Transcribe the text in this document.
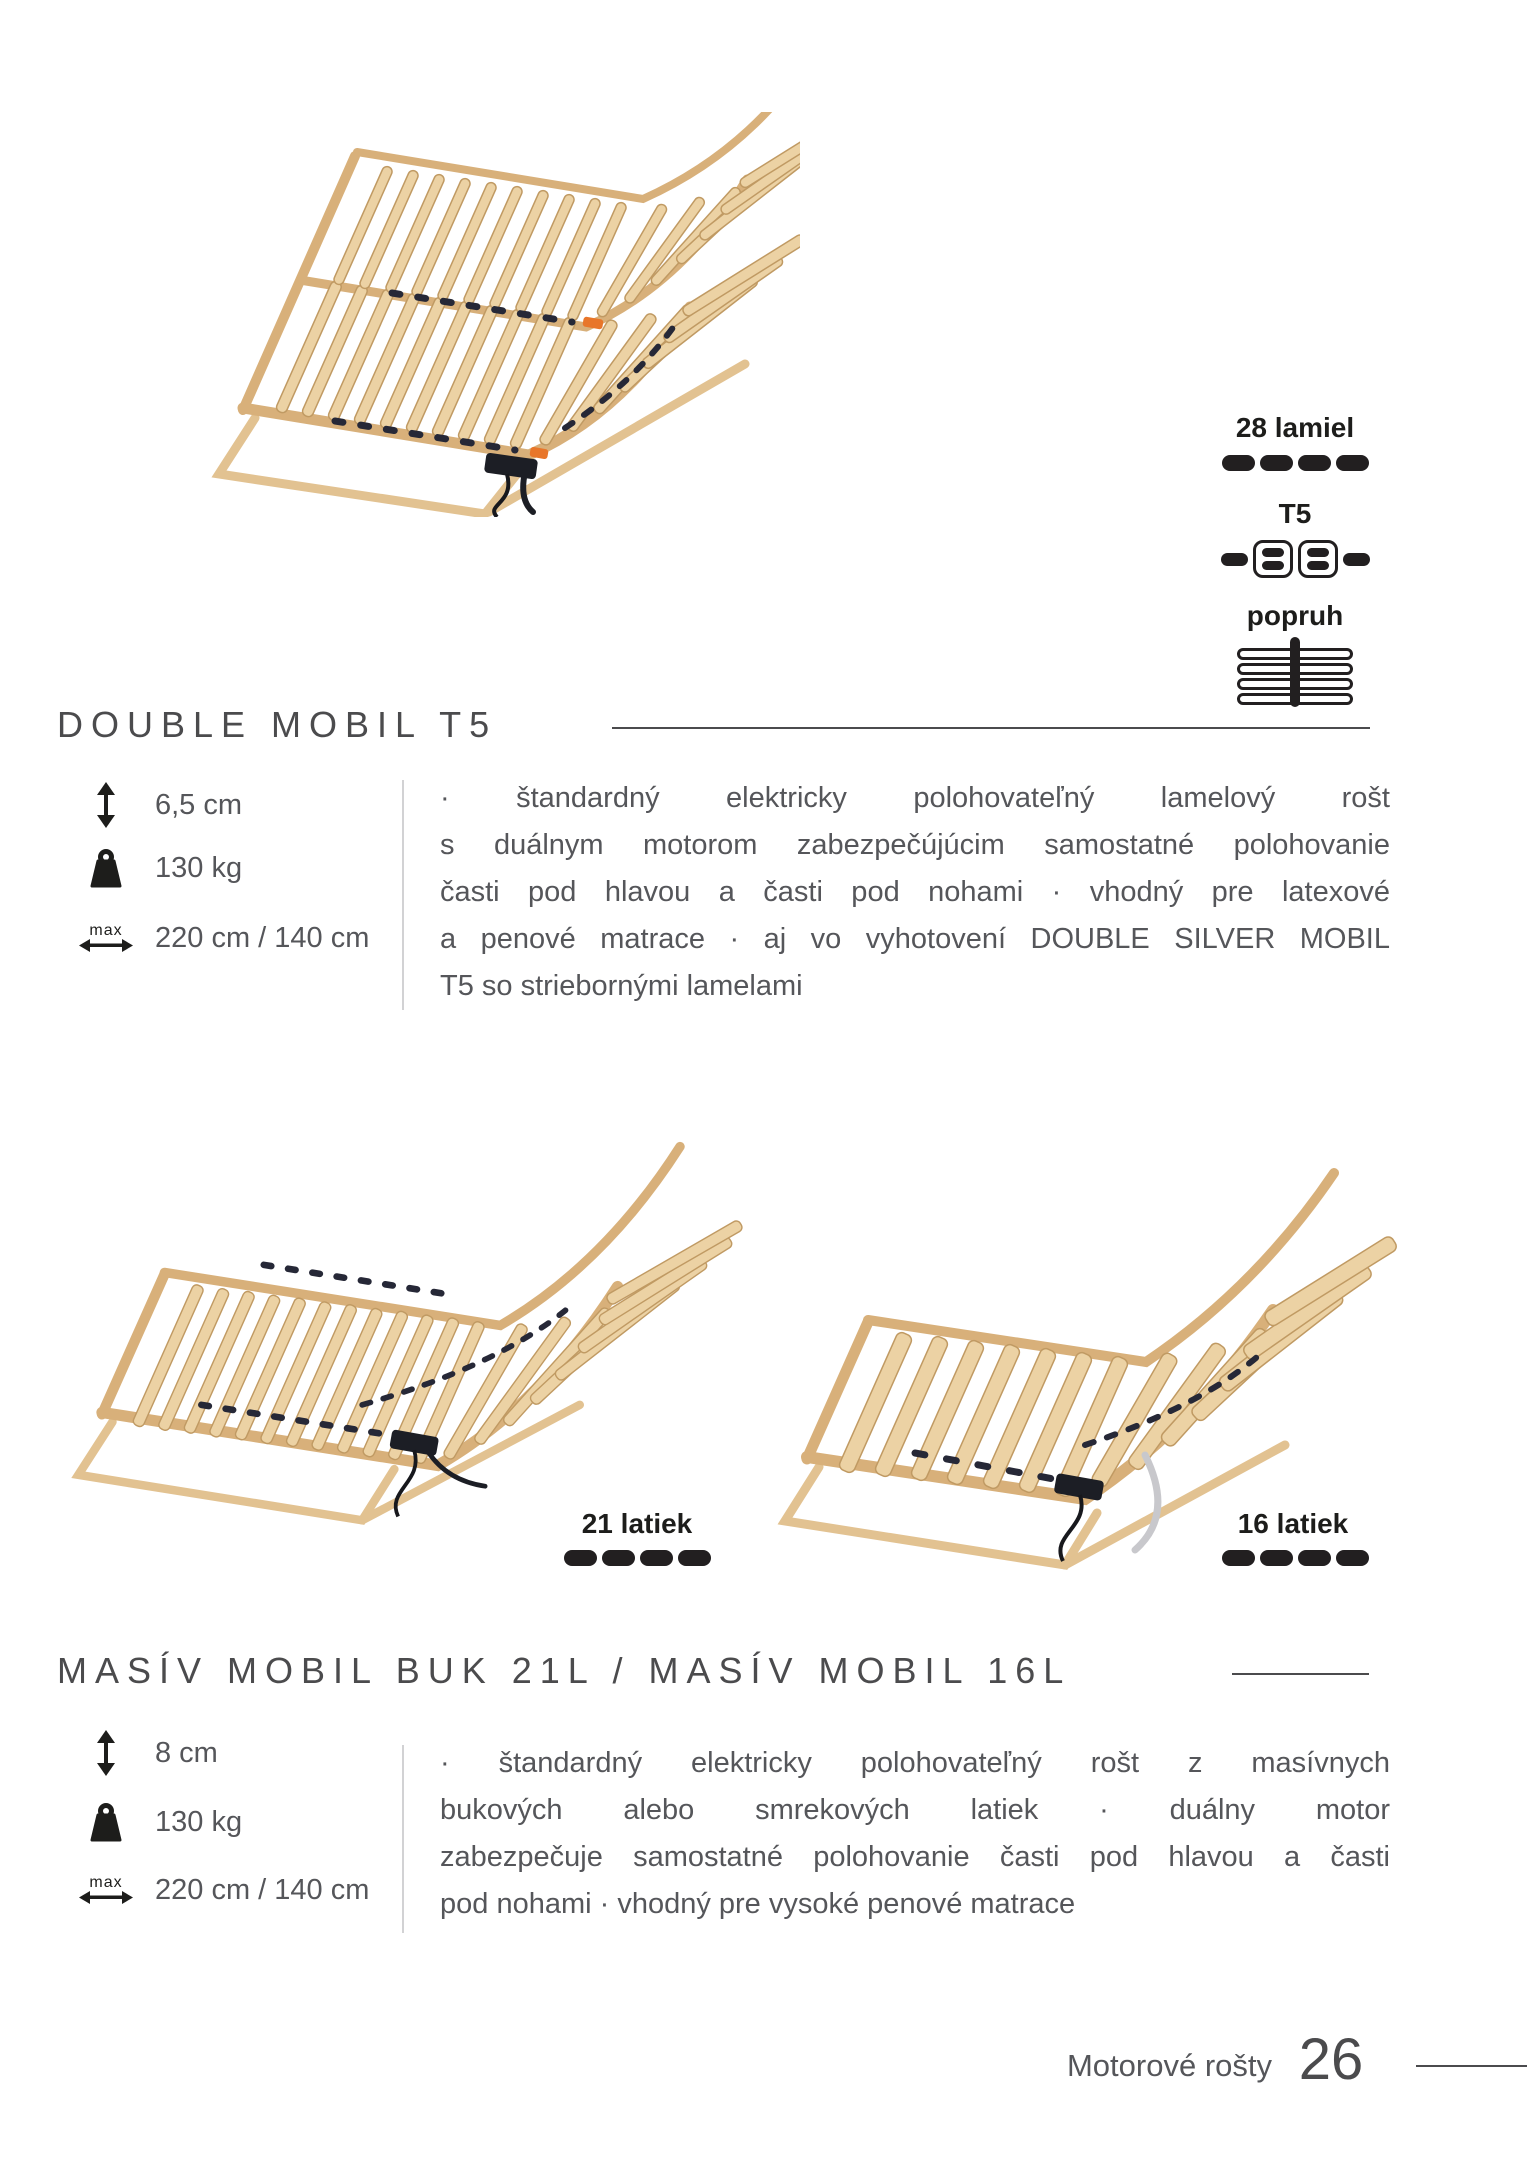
28 lamiel
T5
popruh
DOUBLE MOBIL T5
6,5 cm
130 kg
max 220 cm / 140 cm
· štandardný elektricky polohovateľný lamelový rošt
s duálnym motorom zabezpečújúcim samostatné polohovanie
časti pod hlavou a časti pod nohami · vhodný pre latexové
a penové matrace · aj vo vyhotovení DOUBLE SILVER MOBIL
T5 so striebornými lamelami
21 latiek	16 latiek
MASÍV MOBIL BUK 21L / MASÍV MOBIL 16L
8 cm
130 kg
max 220 cm / 140 cm
· štandardný elektricky polohovateľný rošt z masívnych
bukových alebo smrekových latiek · duálny motor
zabezpečuje samostatné polohovanie časti pod hlavou a časti
pod nohami · vhodný pre vysoké penové matrace
Motorové rošty 26
